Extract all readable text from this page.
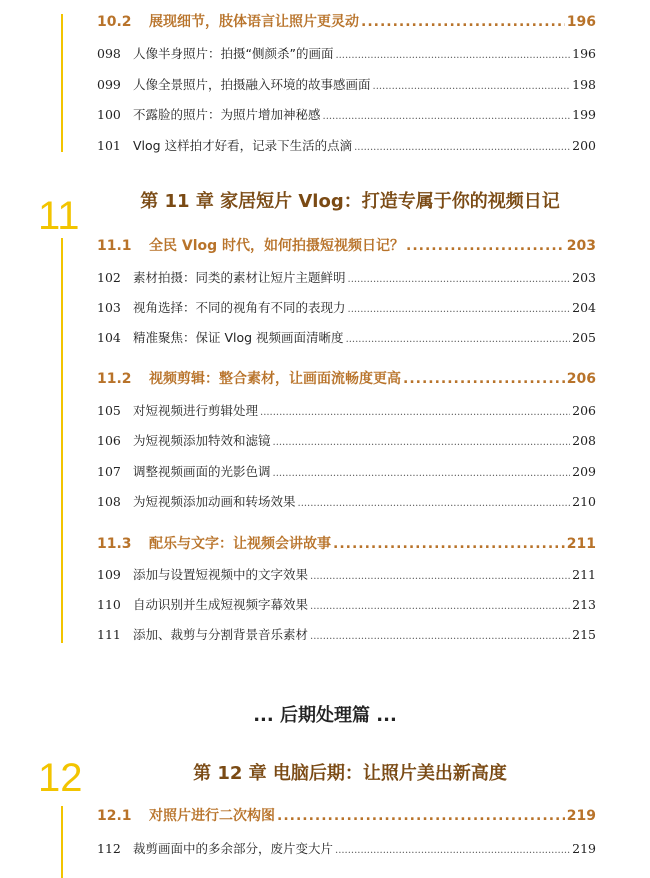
10.2	展现细节，肢体语言让照片更灵动 .....	196
098 人像半身照片：拍摄“侧颜杀”的画面 .....	196
099 人像全景照片，拍摄融入环境的故事感画面 .....	198
100 不露脸的照片：为照片增加神秘感 .....	199
101 Vlog 这样拍才好看，记录下生活的点滴 .....	200
11	第 11 章 家居短片 Vlog：打造专属于你的视频日记
11.1	全民 Vlog 时代，如何拍摄短视频日记？ .....	203
102 素材拍摄：同类的素材让短片主题鲜明 .....	203
103 视角选择：不同的视角有不同的表现力 .....	204
104 精准聚焦：保证 Vlog 视频画面清晰度 .....	205
11.2	视频剪辑：整合素材，让画面流畅度更高 .....	206
105 对短视频进行剪辑处理 .....	206
106 为短视频添加特效和滤镜 .....	208
107 调整视频画面的光影色调 .....	209
108 为短视频添加动画和转场效果 .....	210
11.3	配乐与文字：让视频会讲故事 .....	211
109 添加与设置短视频中的文字效果 .....	211
110 自动识别并生成短视频字幕效果 .....	213
111 添加、裁剪与分割背景音乐素材 .....	215
... 后期处理篇 ...
12	第 12 章 电脑后期：让照片美出新高度
12.1	对照片进行二次构图 .....	219
112 裁剪画面中的多余部分，废片变大片 .....	219
